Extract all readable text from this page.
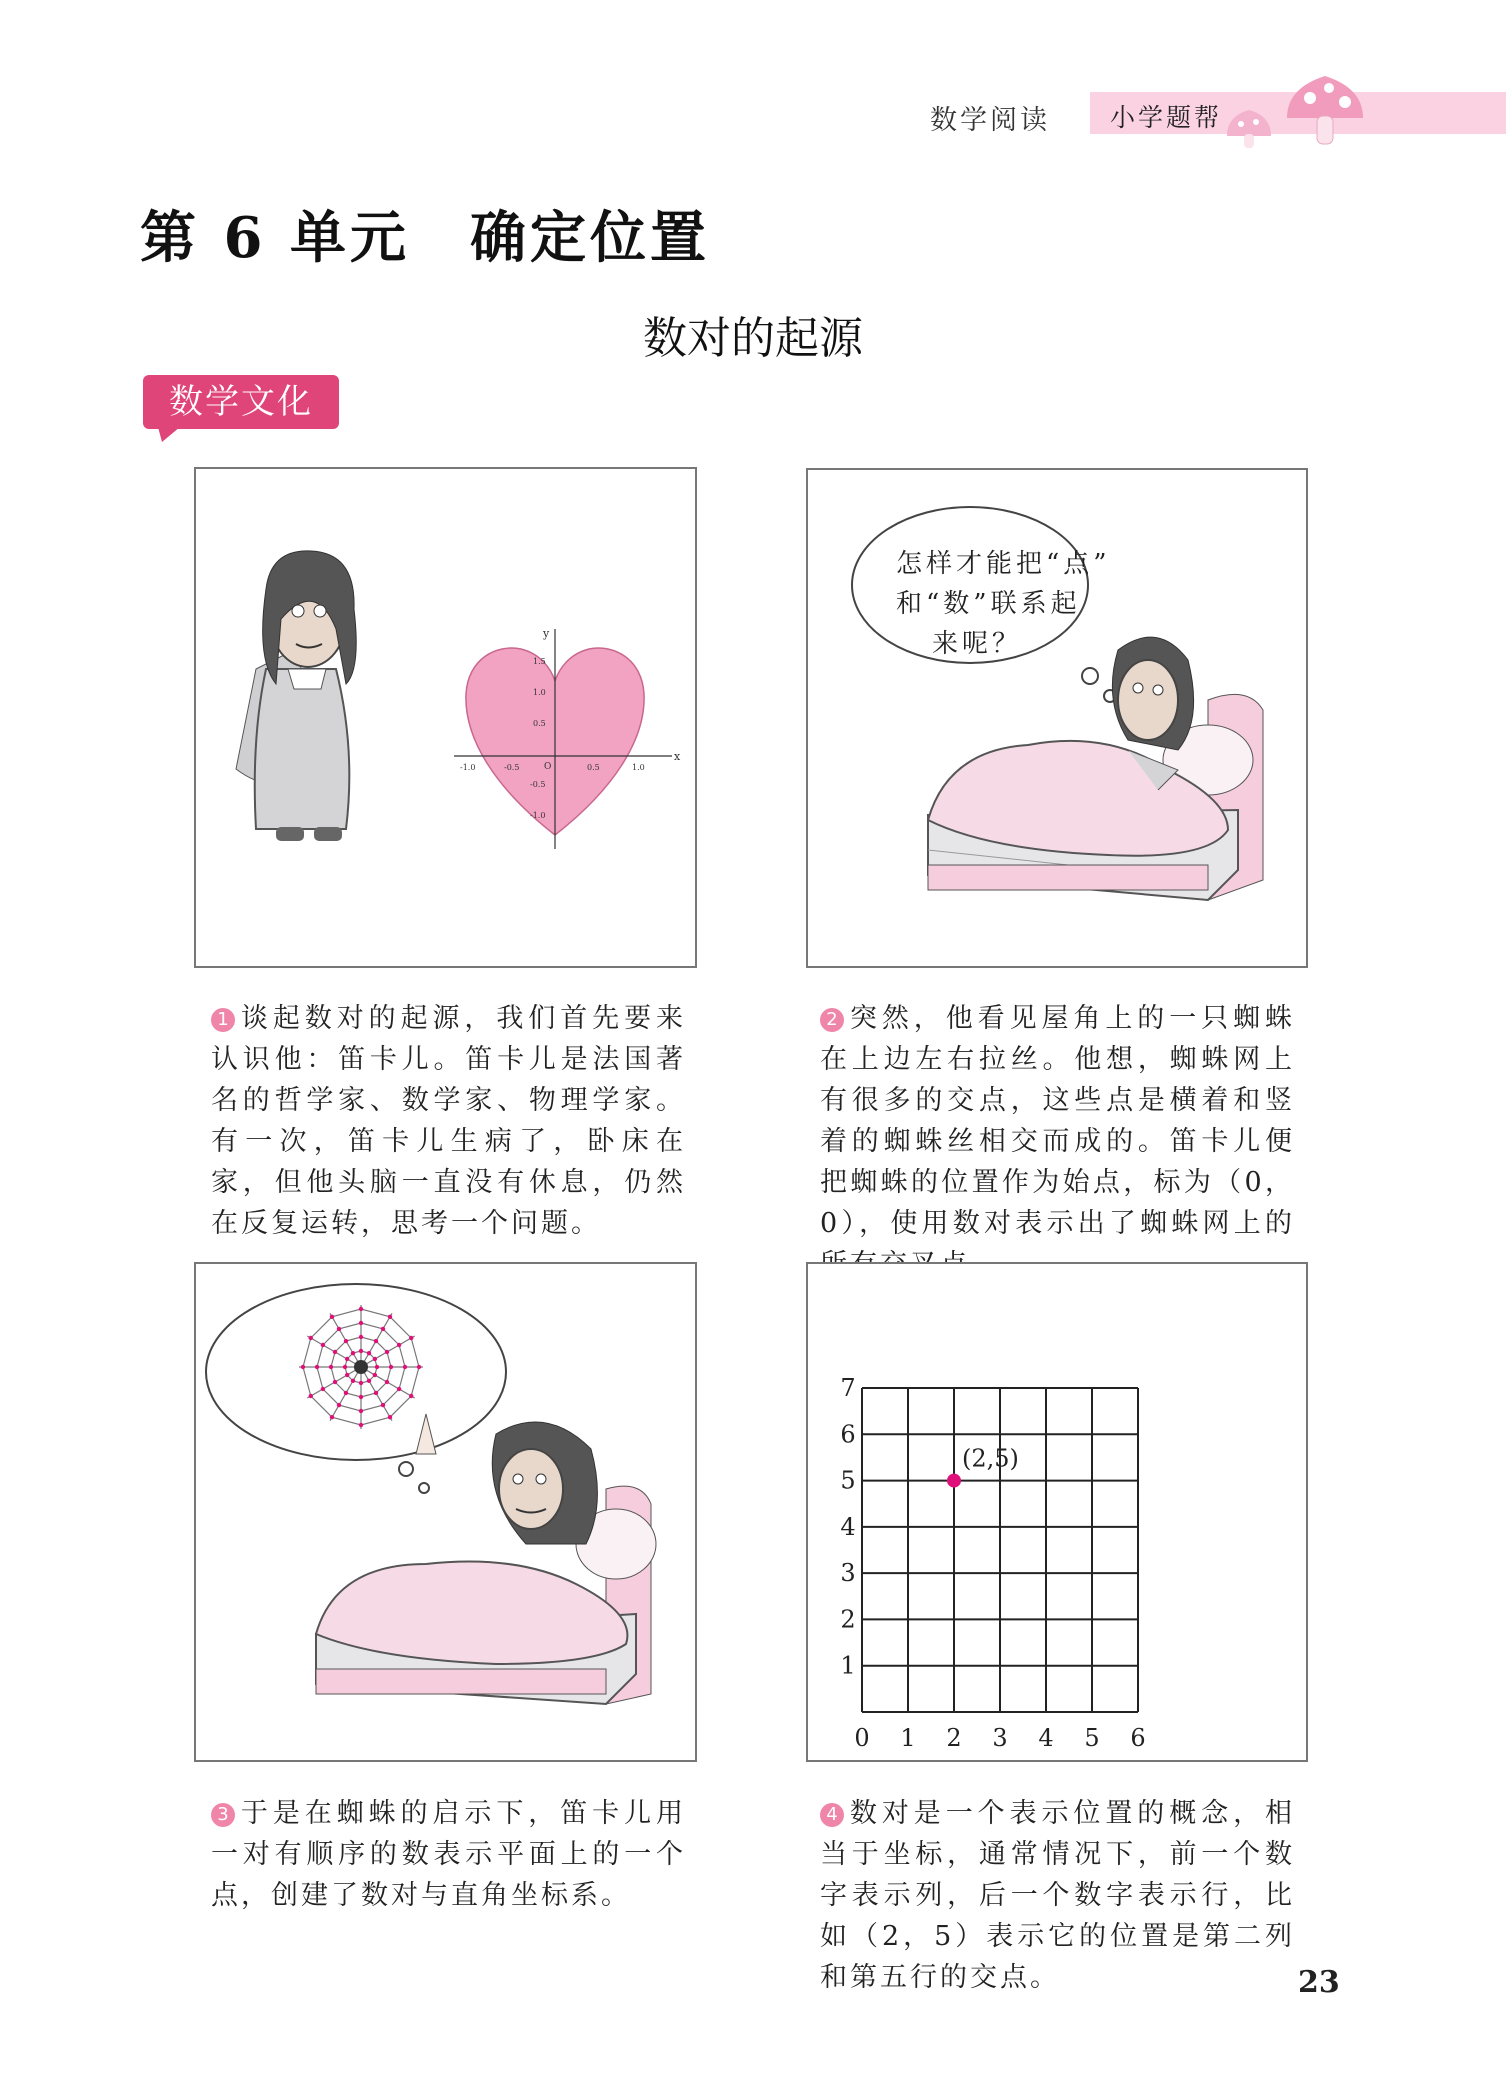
数学阅读 小学题帮
第 6 单元　确定位置
数对的起源
数学文化
x
y
O
-1.0	-0.5	0.5	1.0
1.5
1.0
0.5
-0.5
-1.0
怎样才能把“点”
和“数”联系起
来呢？
1 谈起数对的起源，我们首先要来认识他：笛卡儿。笛卡儿是法国著名的哲学家、数学家、物理学家。有一次，笛卡儿生病了，卧床在家，但他头脑一直没有休息，仍然在反复运转，思考一个问题。
2 突然，他看见屋角上的一只蜘蛛在上边左右拉丝。他想，蜘蛛网上有很多的交点，这些点是横着和竖着的蜘蛛丝相交而成的。笛卡儿便把蜘蛛的位置作为始点，标为（0，0），使用数对表示出了蜘蛛网上的
0 1 2 3 4 5 6
1
2
3
4
5
6
7
(2,5)
3 于是在蜘蛛的启示下，笛卡儿用一对有顺序的数表示平面上的一个点，创建了数对与直角坐标系。
4 数对是一个表示位置的概念，相当于坐标，通常情况下，前一个数字表示列，后一个数字表示行，比如（2，5）表示它的位置是第二列和第五行的交点。	23
